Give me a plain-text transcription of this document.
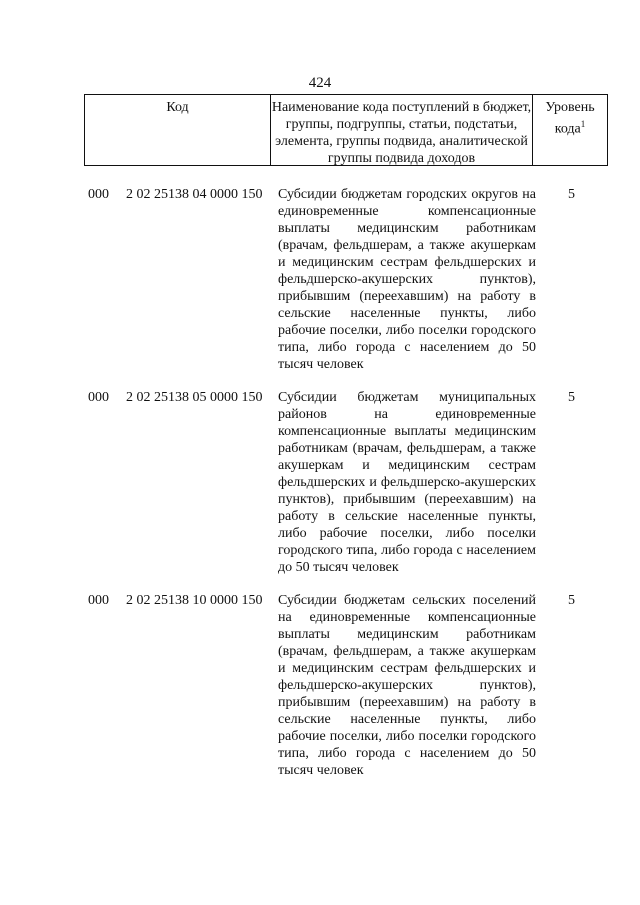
424
Код	Наименование кода поступлений в бюджет, группы, подгруппы, статьи, подстатьи, элемента, группы подвида, аналитической группы подвида доходов
Уровень кода$^1$
000 2 02 25138 04 0000 150 Субсидии бюджетам городских округов на единовременные компенсационные выплаты медицинским работникам (врачам, фельдшерам, а также акушеркам и медицинским сестрам фельдшерских и фельдшерско-акушерских пунктов), прибывшим (переехавшим) на работу в сельские населенные пункты, либо рабочие поселки, либо поселки городского типа, либо города с населением до 50 тысяч человек
5
000 2 02 25138 05 0000 150 Субсидии бюджетам муниципальных районов на единовременные компенсационные выплаты медицинским работникам (врачам, фельдшерам, а также акушеркам и медицинским сестрам фельдшерских и фельдшерско-акушерских пунктов), прибывшим (переехавшим) на работу в сельские населенные пункты, либо рабочие поселки, либо поселки городского типа, либо города с населением до 50 тысяч человек
5
000 2 02 25138 10 0000 150 Субсидии бюджетам сельских поселений на единовременные компенсационные выплаты медицинским работникам (врачам, фельдшерам, а также акушеркам и медицинским сестрам фельдшерских и фельдшерско-акушерских пунктов), прибывшим (переехавшим) на работу в сельские населенные пункты, либо рабочие поселки, либо поселки городского типа, либо города с населением до 50 тысяч человек
5
